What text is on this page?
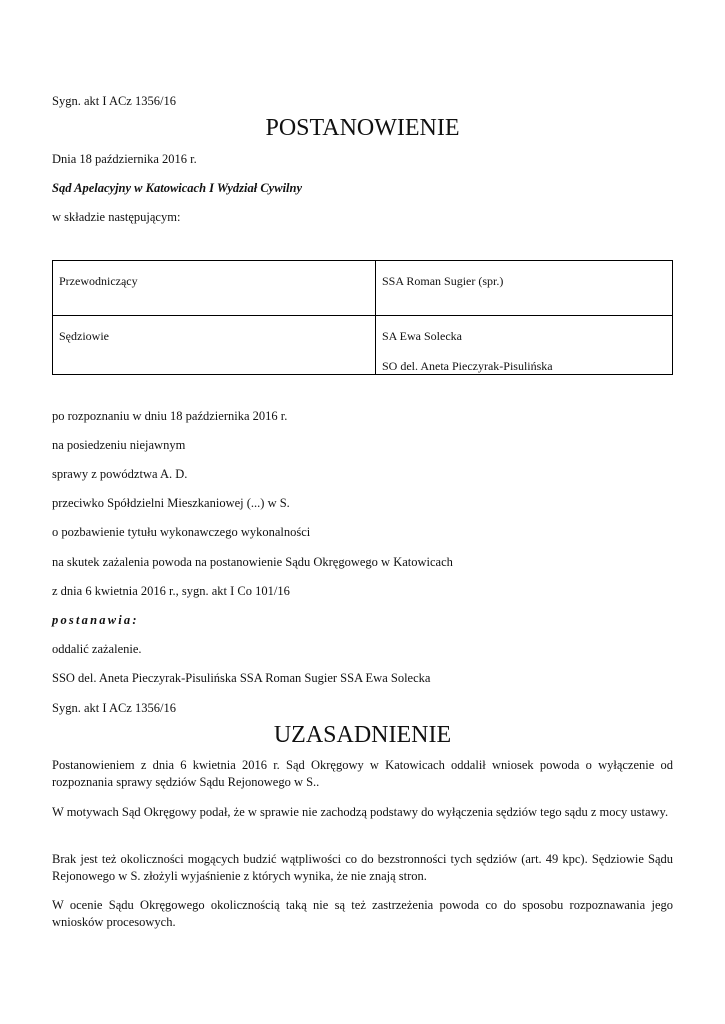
Sygn. akt I ACz 1356/16
POSTANOWIENIE
Dnia 18 października 2016 r.
Sąd Apelacyjny w Katowicach I Wydział Cywilny
w składzie następującym:
Przewodniczący	SSA Roman Sugier (spr.)
Sędziowie	SA Ewa Solecka
SO del. Aneta Pieczyrak-Pisulińska
po rozpoznaniu w dniu 18 października 2016 r.
na posiedzeniu niejawnym
sprawy z powództwa A. D.
przeciwko Spółdzielni Mieszkaniowej (...) w S.
o pozbawienie tytułu wykonawczego wykonalności
na skutek zażalenia powoda na postanowienie Sądu Okręgowego w Katowicach
z dnia 6 kwietnia 2016 r., sygn. akt I Co 101/16
postanawia:
oddalić zażalenie.
SSO del. Aneta Pieczyrak-Pisulińska SSA Roman Sugier SSA Ewa Solecka
Sygn. akt I ACz 1356/16
UZASADNIENIE
Postanowieniem z dnia 6 kwietnia 2016 r. Sąd Okręgowy w Katowicach oddalił wniosek powoda o wyłączenie od rozpoznania sprawy sędziów Sądu Rejonowego w S..
W motywach Sąd Okręgowy podał, że w sprawie nie zachodzą podstawy do wyłączenia sędziów tego sądu z mocy ustawy.
Brak jest też okoliczności mogących budzić wątpliwości co do bezstronności tych sędziów (art. 49 kpc). Sędziowie Sądu Rejonowego w S. złożyli wyjaśnienie z których wynika, że nie znają stron.
W ocenie Sądu Okręgowego okolicznością taką nie są też zastrzeżenia powoda co do sposobu rozpoznawania jego wniosków procesowych.
